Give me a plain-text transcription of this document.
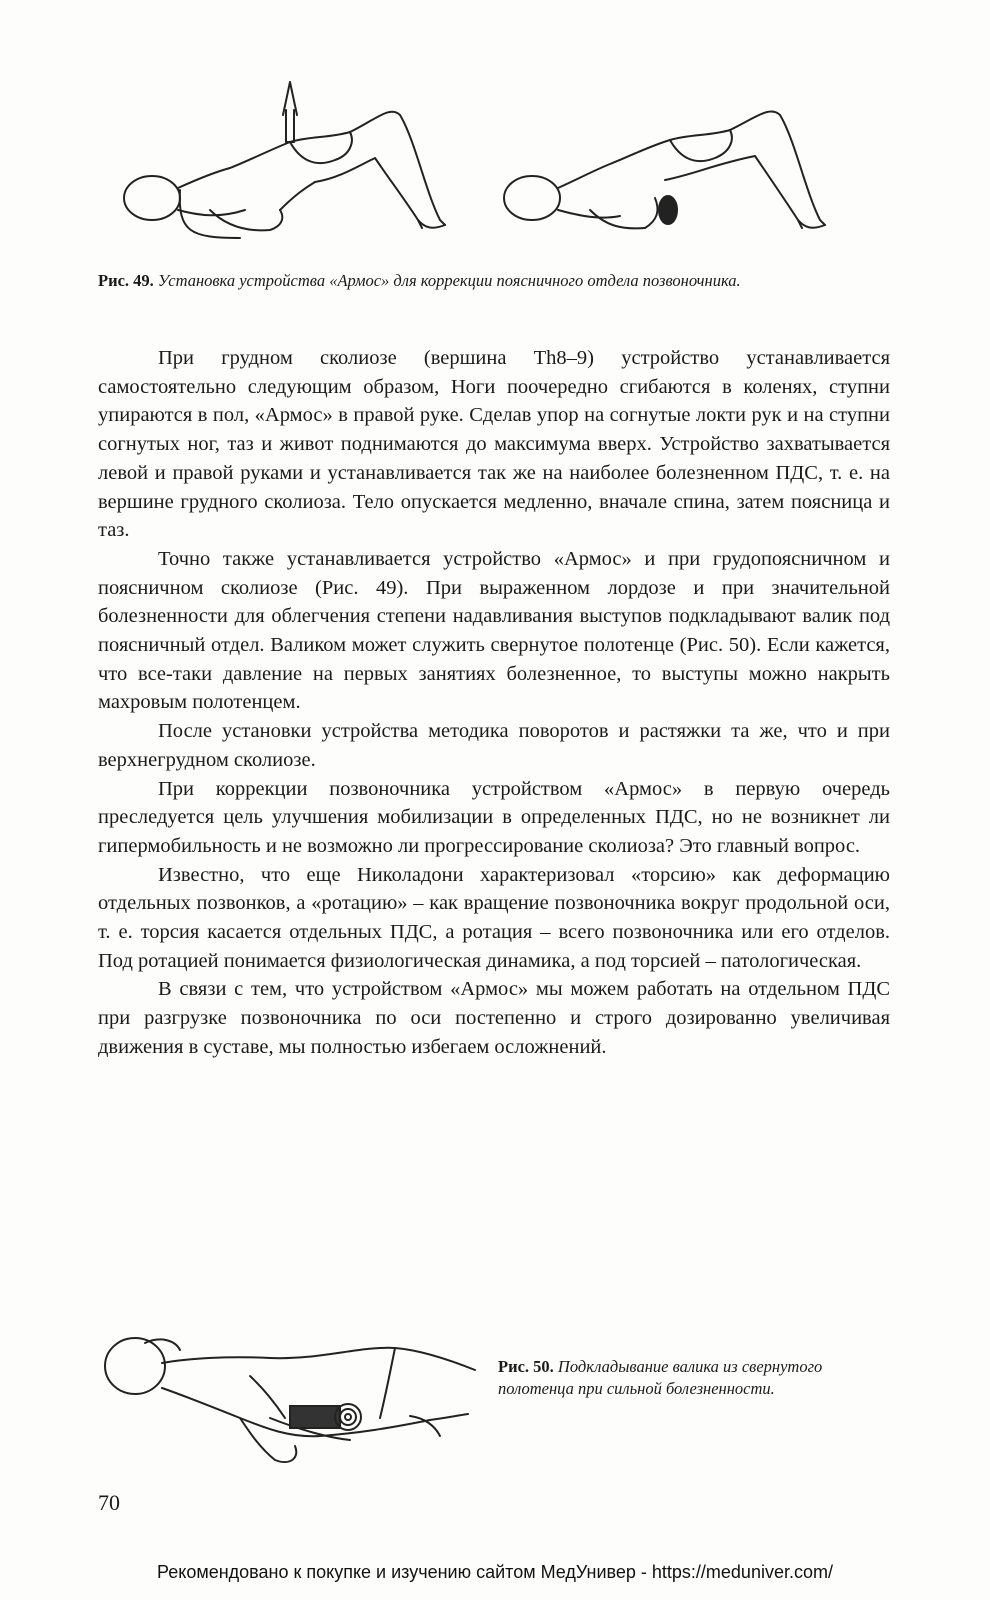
Рис. 49. Установка устройства «Армос» для коррекции поясничного отдела позвоночника.

При грудном сколиозе (вершина Th8–9) устройство устанавливается самостоятельно следующим образом, Ноги поочередно сгибаются в коленях, ступни упираются в пол, «Армос» в правой руке. Сделав упор на согнутые локти рук и на ступни согнутых ног, таз и живот поднимаются до максимума вверх. Устройство захватывается левой и правой руками и устанавливается так же на наиболее болезненном ПДС, т. е. на вершине грудного сколиоза. Тело опускается медленно, вначале спина, затем поясница и таз.

Точно также устанавливается устройство «Армос» и при грудопоясничном и поясничном сколиозе (Рис. 49). При выраженном лордозе и при значительной болезненности для облегчения степени надавливания выступов подкладывают валик под поясничный отдел. Валиком может служить свернутое полотенце (Рис. 50). Если кажется, что все-таки давление на первых занятиях болезненное, то выступы можно накрыть махровым полотенцем.

После установки устройства методика поворотов и растяжки та же, что и при верхнегрудном сколиозе.

При коррекции позвоночника устройством «Армос» в первую очередь преследуется цель улучшения мобилизации в определенных ПДС, но не возникнет ли гипермобильность и не возможно ли прогрессирование сколиоза? Это главный вопрос.

Известно, что еще Николадони характеризовал «торсию» как деформацию отдельных позвонков, а «ротацию» – как вращение позвоночника вокруг продольной оси, т. е. торсия касается отдельных ПДС, а ротация – всего позвоночника или его отделов. Под ротацией понимается физиологическая динамика, а под торсией – патологическая.

В связи с тем, что устройством «Армос» мы можем работать на отдельном ПДС при разгрузке позвоночника по оси постепенно и строго дозированно увеличивая движения в суставе, мы полностью избегаем осложнений.

Рис. 50. Подкладывание валика из свернутого полотенца при сильной болезненности.
70
Рекомендовано к покупке и изучению сайтом МедУнивер - https://meduniver.com/
